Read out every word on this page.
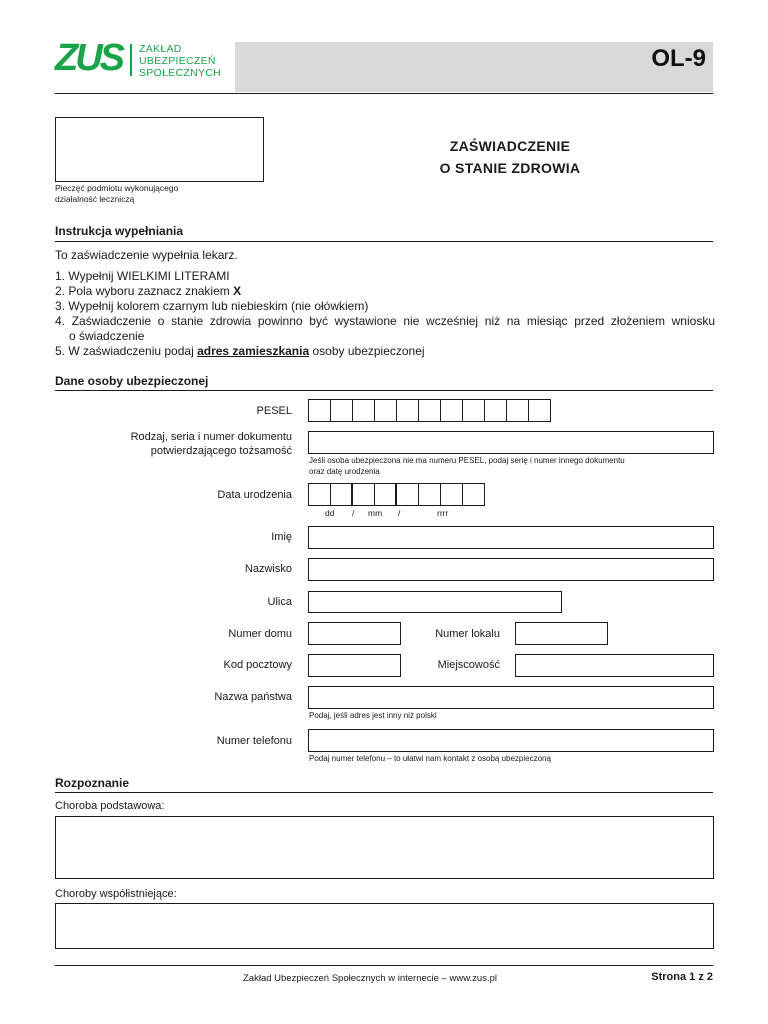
ZUS ZAKŁAD
UBEZPIECZEŃ
SPOŁECZNYCH
OL-9
Pieczęć podmiotu wykonującego
działalność leczniczą
ZAŚWIADCZENIE
O STANIE ZDROWIA
Instrukcja wypełniania
To zaświadczenie wypełnia lekarz.
1. Wypełnij WIELKIMI LITERAMI
2. Pola wyboru zaznacz znakiem X
3. Wypełnij kolorem czarnym lub niebieskim (nie ołówkiem)
4. Zaświadczenie o stanie zdrowia powinno być wystawione nie wcześniej niż na miesiąc przed złożeniem wniosku
o świadczenie
5. W zaświadczeniu podaj adres zamieszkania osoby ubezpieczonej
Dane osoby ubezpieczonej
PESEL
Rodzaj, seria i numer dokumentu
potwierdzającego tożsamość
Jeśli osoba ubezpieczona nie ma numeru PESEL, podaj serię i numer innego dokumentu
oraz datę urodzenia
Data urodzenia
dd / mm /	rrrr
Imię
Nazwisko
Ulica
Numer domu	Numer lokalu
Kod pocztowy	Miejscowość
Nazwa państwa
Podaj, jeśli adres jest inny niż polski
Numer telefonu
Podaj numer telefonu – to ułatwi nam kontakt z osobą ubezpieczoną
Rozpoznanie
Choroba podstawowa:
Choroby współistniejące:
Zakład Ubezpieczeń Społecznych w internecie – www.zus.pl	Strona 1 z 2
